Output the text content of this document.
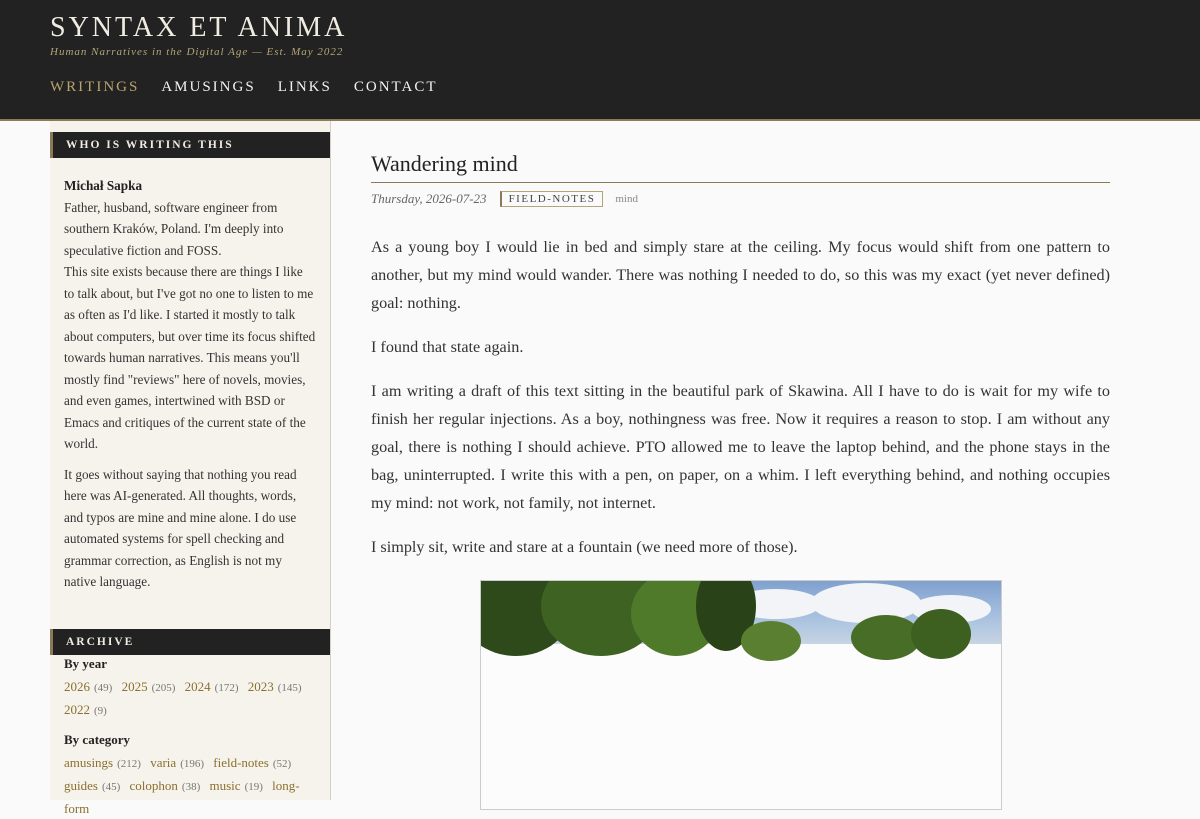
SYNTAX ET ANIMA
Human Narratives in the Digital Age — Est. May 2022
WRITINGS AMUSINGS LINKS CONTACT
WHO IS WRITING THIS
Michał Sapka

Father, husband, software engineer from southern Kraków, Poland. I'm deeply into speculative fiction and FOSS.

This site exists because there are things I like to talk about, but I've got no one to listen to me as often as I'd like. I started it mostly to talk about computers, but over time its focus shifted towards human narratives. This means you'll mostly find "reviews" here of novels, movies, and even games, intertwined with BSD or Emacs and critiques of the current state of the world.

It goes without saying that nothing you read here was AI-generated. All thoughts, words, and typos are mine and mine alone. I do use automated systems for spell checking and grammar correction, as English is not my native language.

ARCHIVE
By year
2026 (49) 2025 (205) 2024 (172) 2023 (145)
2022 (9)
By category
amusings (212) varia (196) field-notes (52)
guides (45) colophon (38) music (19) long-form
Wandering mind
Thursday, 2026-07-23	FIELD-NOTES	mind

As a young boy I would lie in bed and simply stare at the ceiling. My focus would shift from one pattern to another, but my mind would wander. There was nothing I needed to do, so this was my exact (yet never defined) goal: nothing.

I found that state again.

I am writing a draft of this text sitting in the beautiful park of Skawina. All I have to do is wait for my wife to finish her regular injections. As a boy, nothingness was free. Now it requires a reason to stop. I am without any goal, there is nothing I should achieve. PTO allowed me to leave the laptop behind, and the phone stays in the bag, uninterrupted. I write this with a pen, on paper, on a whim. I left everything behind, and nothing occupies my mind: not work, not family, not internet.

I simply sit, write and stare at a fountain (we need more of those).
